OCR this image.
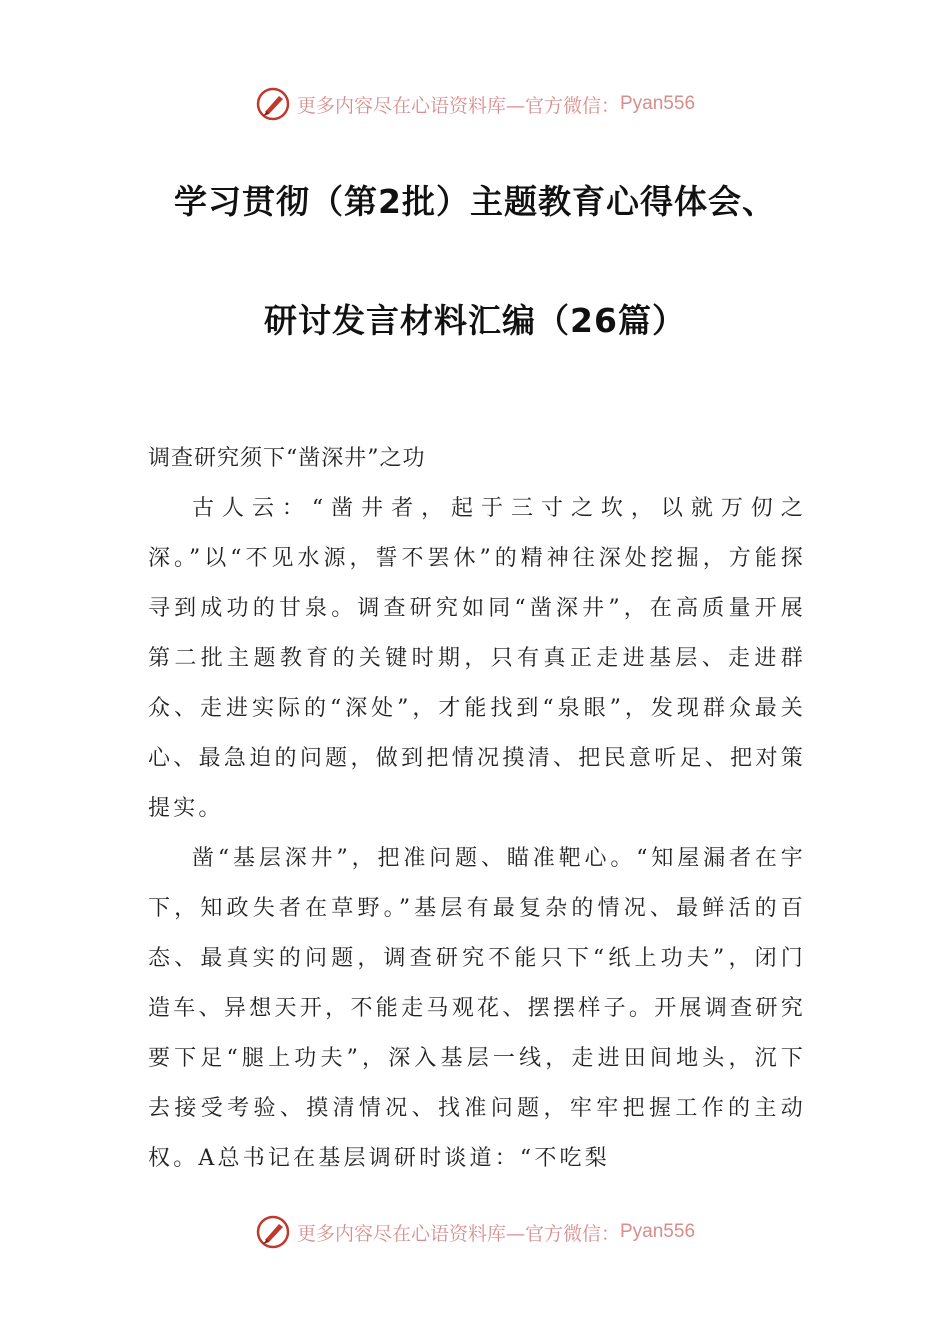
更多内容尽在心语资料库—官方微信： Pyan556
学习贯彻（第2批）主题教育心得体会、
研讨发言材料汇编（26篇）

调查研究须下“凿深井”之功

古人云：“凿井者，起于三寸之坎，以就万仞之深。”以“不见水源，誓不罢休”的精神往深处挖掘，方能探寻到成功的甘泉。调查研究如同“凿深井”，在高质量开展第二批主题教育的关键时期，只有真正走进基层、走进群众、走进实际的“深处”，才能找到“泉眼”，发现群众最关心、最急迫的问题，做到把情况摸清、把民意听足、把对策提实。

凿“基层深井”，把准问题、瞄准靶心。“知屋漏者在宇下，知政失者在草野。”基层有最复杂的情况、最鲜活的百态、最真实的问题，调查研究不能只下“纸上功夫”，闭门造车、异想天开，不能走马观花、摆摆样子。开展调查研究要下足“腿上功夫”，深入基层一线，走进田间地头，沉下去接受考验、摸清情况、找准问题，牢牢把握工作的主动权。A总书记在基层调研时谈道：“不吃梨

更多内容尽在心语资料库—官方微信： Pyan556
